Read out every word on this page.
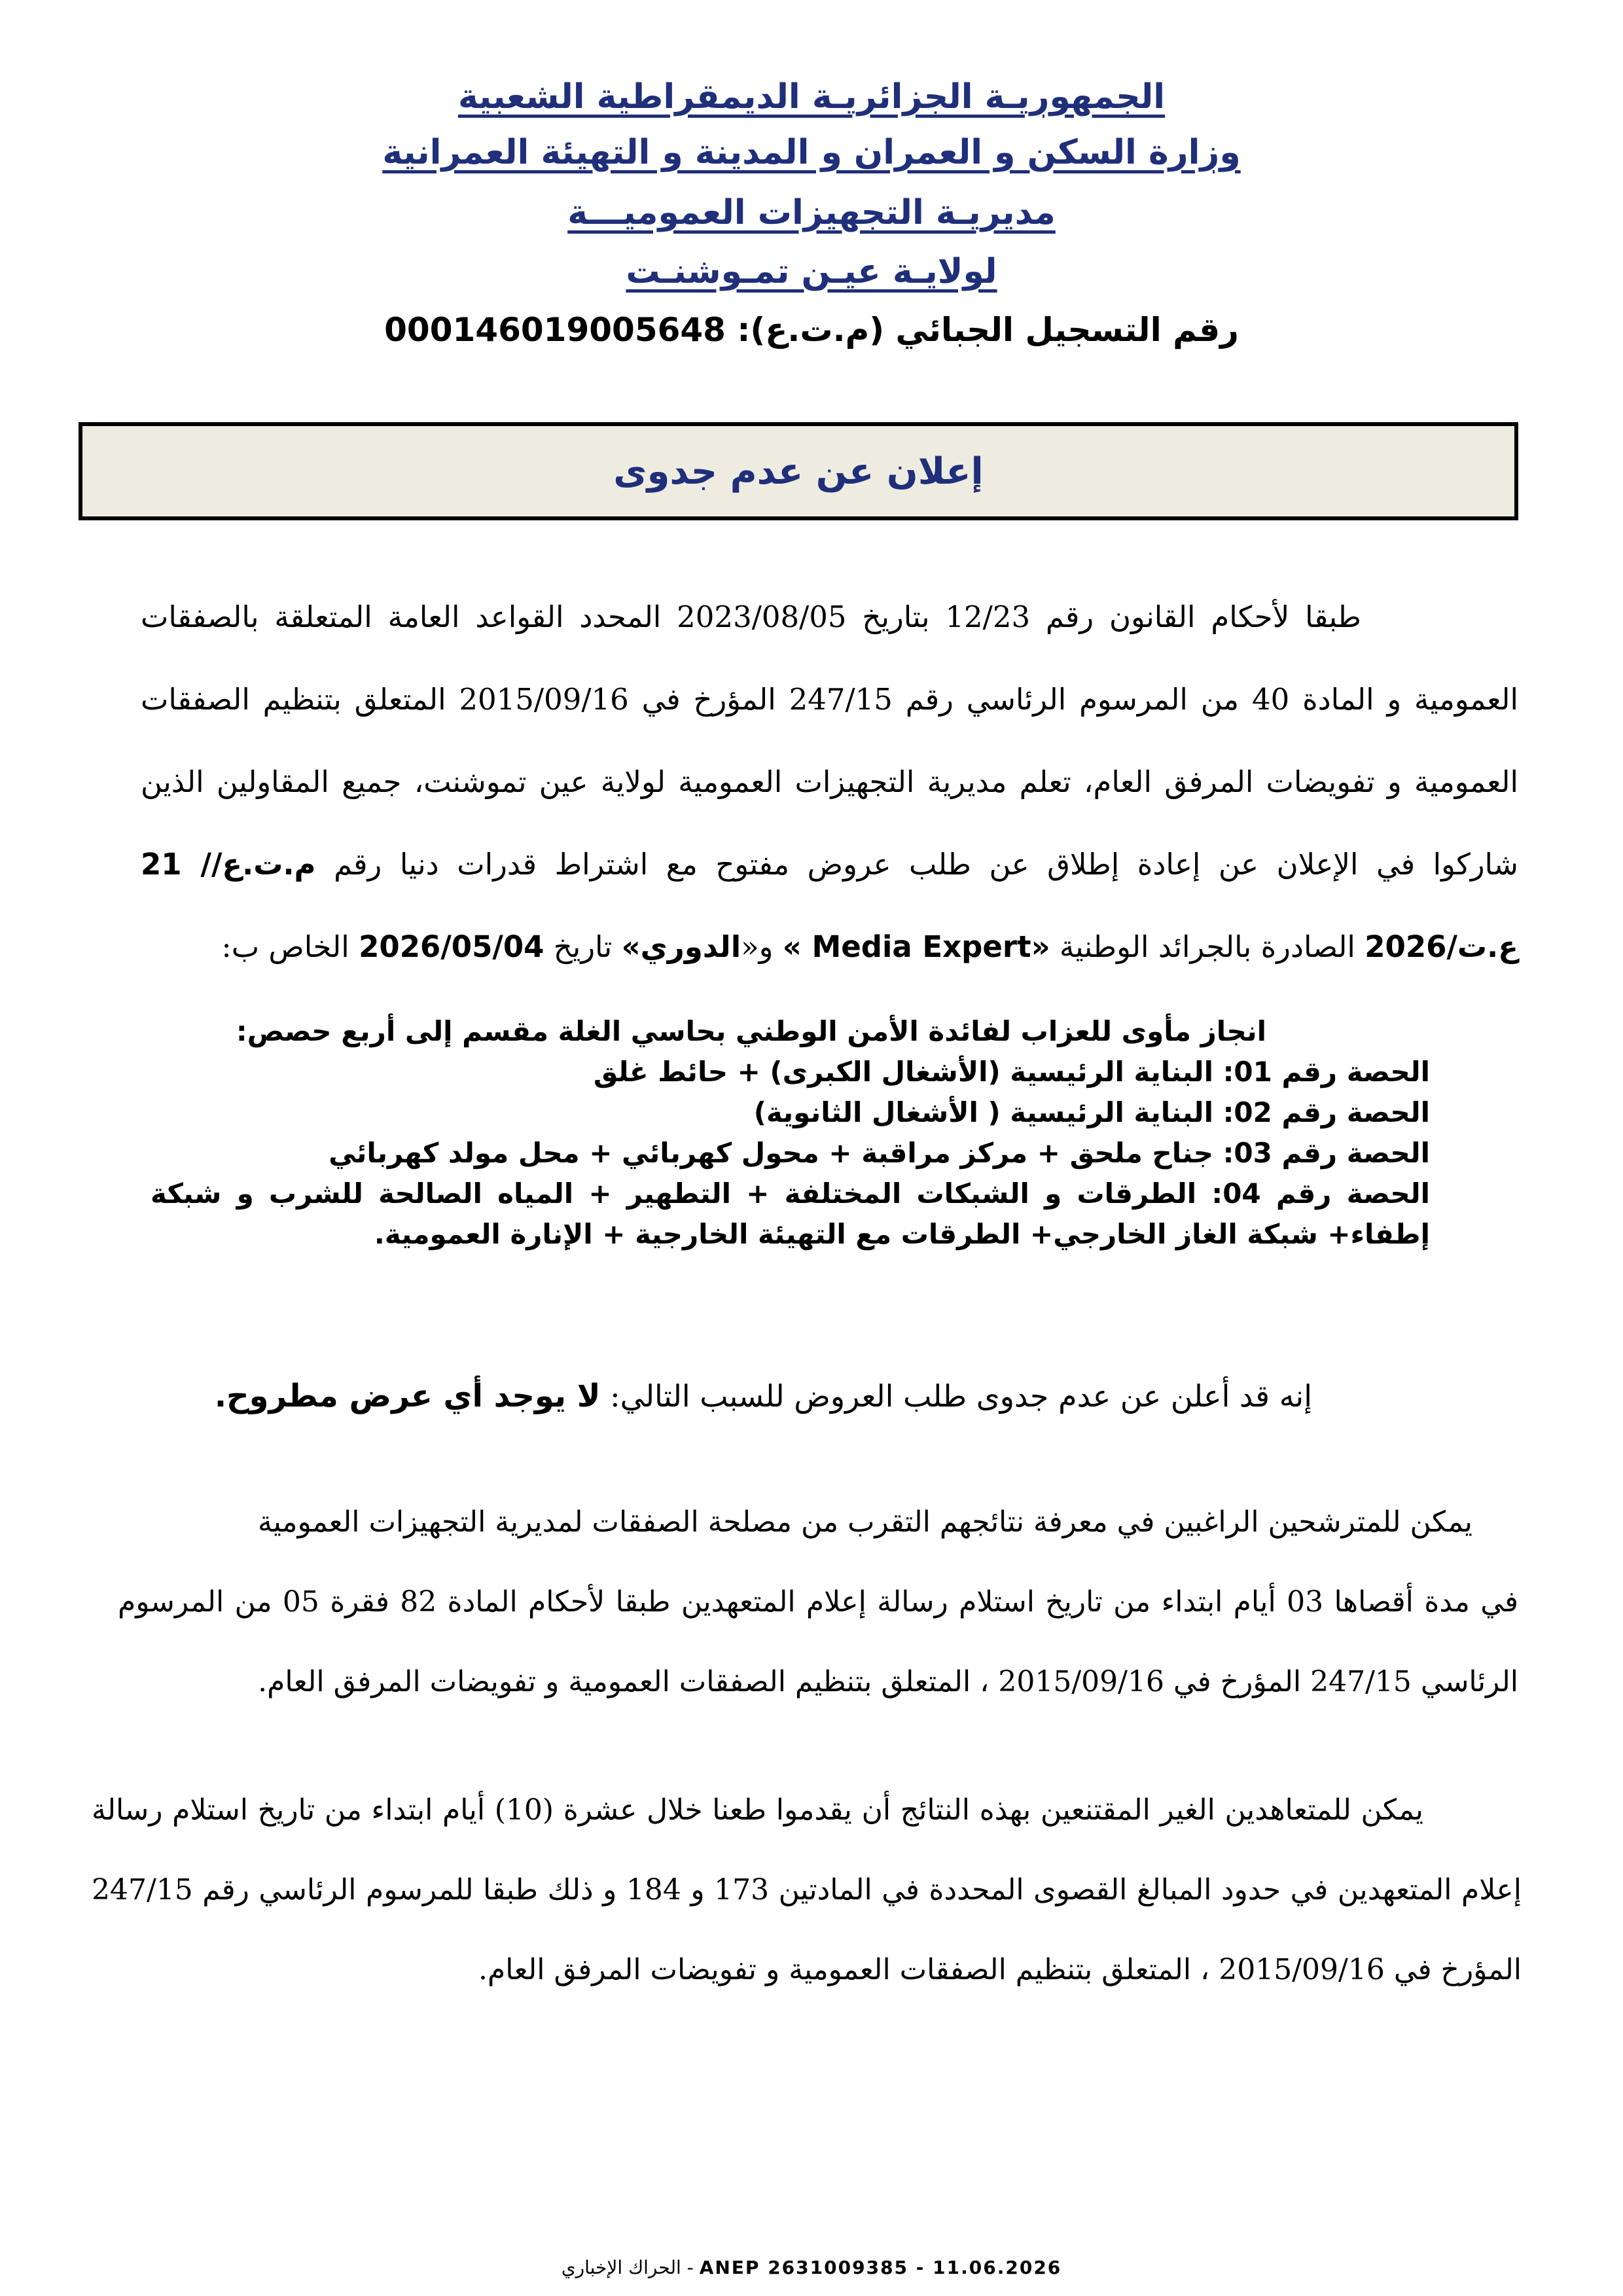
الجمهوريـة الجزائريـة الديمقراطية الشعبية
وزارة السكن و العمران و المدينة و التهيئة العمرانية
مديريـة التجهيزات العموميـــة
لولايـة عيـن تمـوشنـت
رقم التسجيل الجبائي (م.ت.ع): 000146019005648
إعلان عن عدم جدوى
طبقا لأحكام القانون رقم 12/23 بتاريخ 2023/08/05 المحدد القواعد العامة المتعلقة بالصفقات العمومية و المادة 40 من المرسوم الرئاسي رقم 247/15 المؤرخ في 2015/09/16 المتعلق بتنظيم الصفقات العمومية و تفويضات المرفق العام، تعلم مديرية التجهيزات العمومية لولاية عين تموشنت، جميع المقاولين الذين شاركوا في الإعلان عن إعادة إطلاق عن طلب عروض مفتوح مع اشتراط قدرات دنيا رقم 21 /م.ت.ع/ع.ت/2026 الصادرة بالجرائد الوطنية « Media Expert» و«الدوري» تاريخ 2026/05/04 الخاص ب:
انجاز مأوى للعزاب لفائدة الأمن الوطني بحاسي الغلة مقسم إلى أربع حصص:
الحصة رقم 01: البناية الرئيسية (الأشغال الكبرى) + حائط غلق
الحصة رقم 02: البناية الرئيسية ( الأشغال الثانوية)
الحصة رقم 03: جناح ملحق + مركز مراقبة + محول كهربائي + محل مولد كهربائي
الحصة رقم 04: الطرقات و الشبكات المختلفة + التطهير + المياه الصالحة للشرب و شبكة إطفاء+ شبكة الغاز الخارجي+ الطرقات مع التهيئة الخارجية + الإنارة العمومية.
إنه قد أعلن عن عدم جدوى طلب العروض للسبب التالي: لا يوجد أي عرض مطروح.
يمكن للمترشحين الراغبين في معرفة نتائجهم التقرب من مصلحة الصفقات لمديرية التجهيزات العمومية
في مدة أقصاها 03 أيام ابتداء من تاريخ استلام رسالة إعلام المتعهدين طبقا لأحكام المادة 82 فقرة 05 من المرسوم الرئاسي 247/15 المؤرخ في 2015/09/16 ، المتعلق بتنظيم الصفقات العمومية و تفويضات المرفق العام.
يمكن للمتعاهدين الغير المقتنعين بهذه النتائج أن يقدموا طعنا خلال عشرة (10) أيام ابتداء من تاريخ استلام رسالة إعلام المتعهدين في حدود المبالغ القصوى المحددة في المادتين 173 و 184 و ذلك طبقا للمرسوم الرئاسي رقم 247/15 المؤرخ في 2015/09/16 ، المتعلق بتنظيم الصفقات العمومية و تفويضات المرفق العام.
الحراك الإخباري - ANEP 2631009385 - 11.06.2026
